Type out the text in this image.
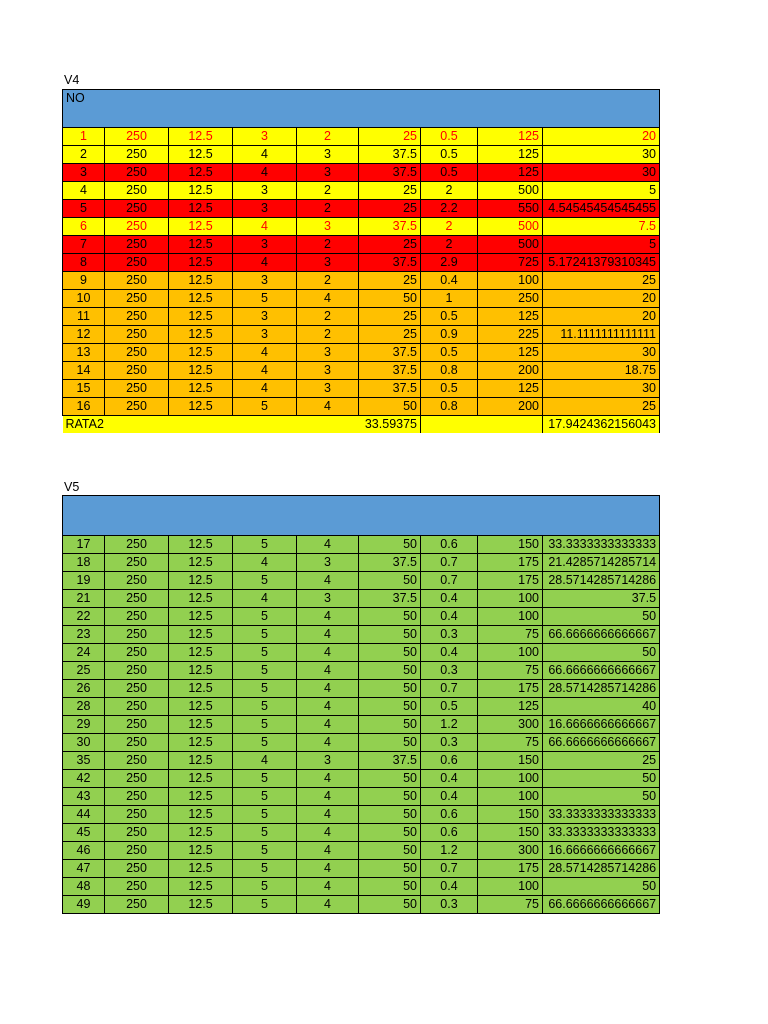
V4
NO								
1	250	12.5	3	2	25	0.5	125	20
2	250	12.5	4	3	37.5	0.5	125	30
3	250	12.5	4	3	37.5	0.5	125	30
4	250	12.5	3	2	25	2	500	5
5	250	12.5	3	2	25	2.2	550	4.54545454545455
6	250	12.5	4	3	37.5	2	500	7.5
7	250	12.5	3	2	25	2	500	5
8	250	12.5	4	3	37.5	2.9	725	5.17241379310345
9	250	12.5	3	2	25	0.4	100	25
10	250	12.5	5	4	50	1	250	20
11	250	12.5	3	2	25	0.5	125	20
12	250	12.5	3	2	25	0.9	225	11.1111111111111
13	250	12.5	4	3	37.5	0.5	125	30
14	250	12.5	4	3	37.5	0.8	200	18.75
15	250	12.5	4	3	37.5	0.5	125	30
16	250	12.5	5	4	50	0.8	200	25
RATA2					33.59375			17.9424362156043
V5

17	250	12.5	5	4	50	0.6	150	33.3333333333333
18	250	12.5	4	3	37.5	0.7	175	21.4285714285714
19	250	12.5	5	4	50	0.7	175	28.5714285714286
21	250	12.5	4	3	37.5	0.4	100	37.5
22	250	12.5	5	4	50	0.4	100	50
23	250	12.5	5	4	50	0.3	75	66.6666666666667
24	250	12.5	5	4	50	0.4	100	50
25	250	12.5	5	4	50	0.3	75	66.6666666666667
26	250	12.5	5	4	50	0.7	175	28.5714285714286
28	250	12.5	5	4	50	0.5	125	40
29	250	12.5	5	4	50	1.2	300	16.6666666666667
30	250	12.5	5	4	50	0.3	75	66.6666666666667
35	250	12.5	4	3	37.5	0.6	150	25
42	250	12.5	5	4	50	0.4	100	50
43	250	12.5	5	4	50	0.4	100	50
44	250	12.5	5	4	50	0.6	150	33.3333333333333
45	250	12.5	5	4	50	0.6	150	33.3333333333333
46	250	12.5	5	4	50	1.2	300	16.6666666666667
47	250	12.5	5	4	50	0.7	175	28.5714285714286
48	250	12.5	5	4	50	0.4	100	50
49	250	12.5	5	4	50	0.3	75	66.6666666666667
